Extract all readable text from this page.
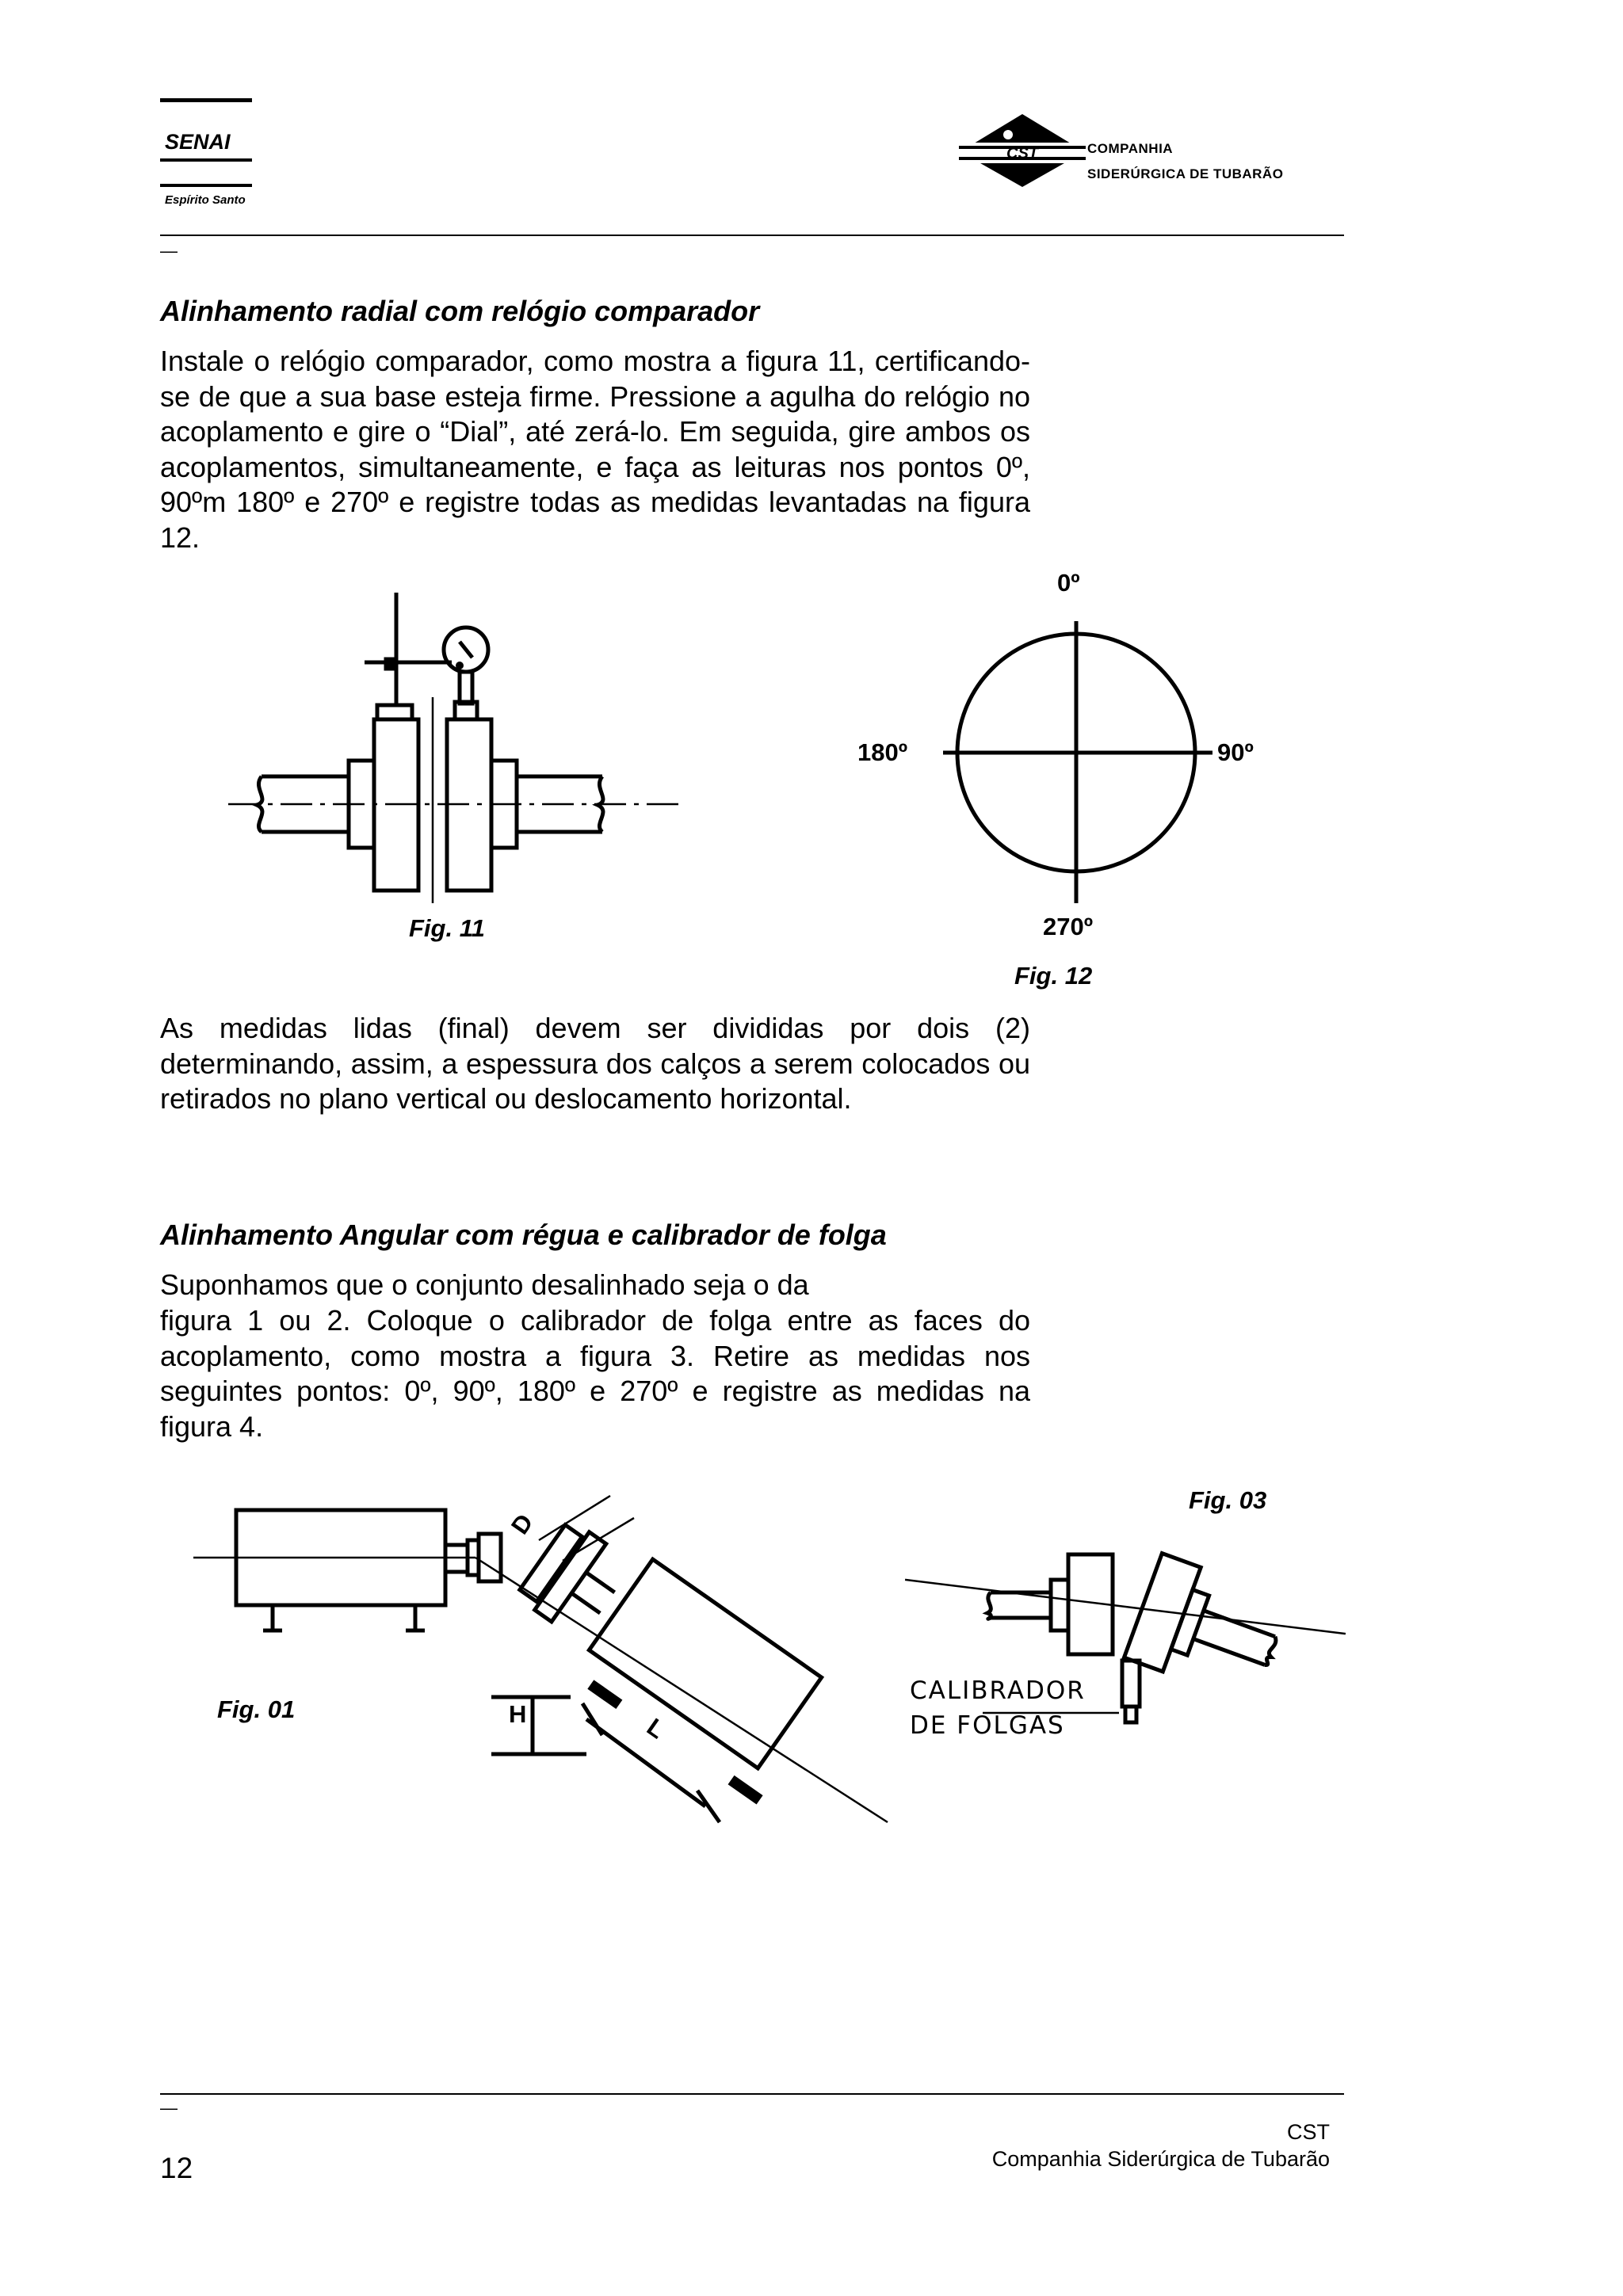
SENAI
Espírito Santo
CST	COMPANHIA
SIDERÚRGICA DE TUBARÃO
—
Alinhamento radial com relógio comparador
Instale o relógio comparador, como mostra a figura 11, certificando-se de que a sua base esteja firme. Pressione a agulha do relógio no acoplamento e gire o “Dial”, até zerá-lo. Em seguida, gire ambos os acoplamentos, simultaneamente, e faça as leituras nos pontos 0º, 90ºm 180º e 270º e registre todas as medidas levantadas na figura 12.
Fig. 11
0º
90º
270º
180º
Fig. 12
As medidas lidas (final) devem ser divididas por dois (2) determinando, assim, a espessura dos calços a serem colocados ou retirados no plano vertical ou deslocamento horizontal.
Alinhamento Angular com régua e calibrador de folga
Suponhamos que o conjunto desalinhado seja o da
figura 1 ou 2. Coloque o calibrador de folga entre as faces do acoplamento, como mostra a figura 3. Retire as medidas nos seguintes pontos: 0º, 90º, 180º e 270º e registre as medidas na figura 4.
Fig. 01
D
H	L
Fig. 03
CALIBRADOR
DE FOLGAS
—
12
CST
Companhia Siderúrgica de Tubarão
